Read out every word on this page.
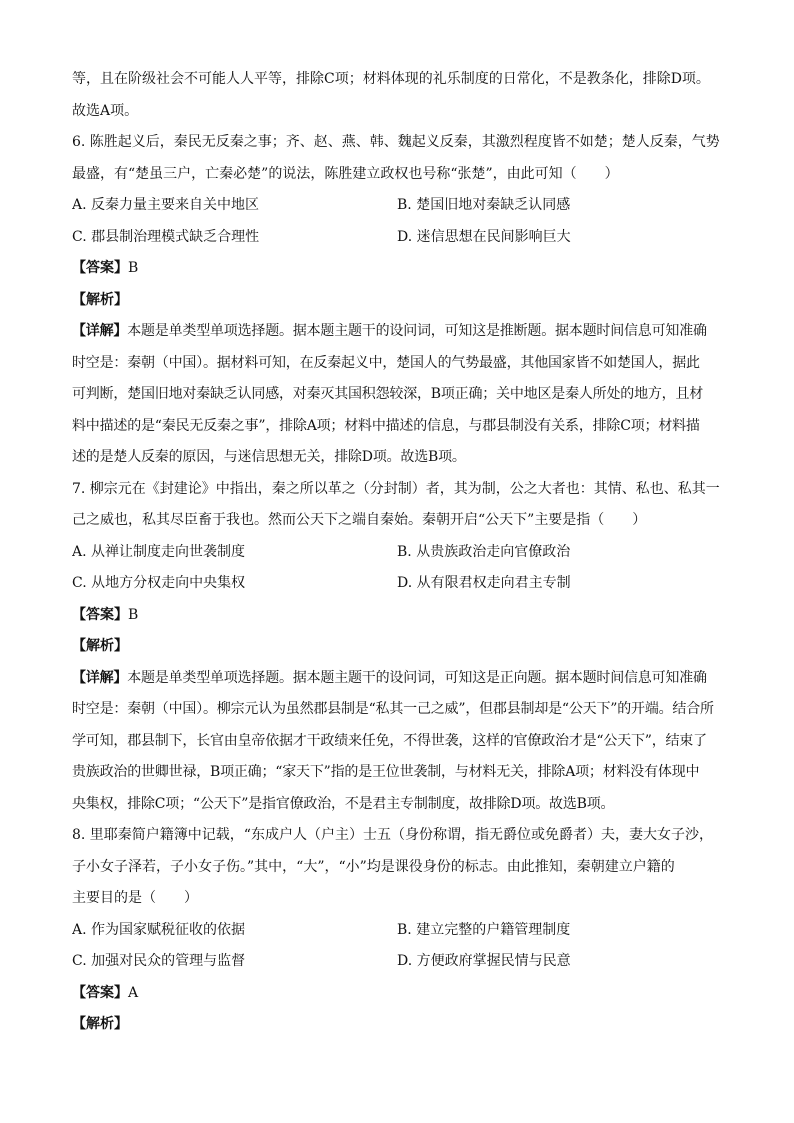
等，且在阶级社会不可能人人平等，排除C项；材料体现的礼乐制度的日常化，不是教条化，排除D项。
故选A项。
6. 陈胜起义后，秦民无反秦之事；齐、赵、燕、韩、魏起义反秦，其激烈程度皆不如楚；楚人反秦，气势
最盛，有“楚虽三户，亡秦必楚”的说法，陈胜建立政权也号称“张楚”，由此可知（　　）
A. 反秦力量主要来自关中地区	B. 楚国旧地对秦缺乏认同感
C. 郡县制治理模式缺乏合理性	D. 迷信思想在民间影响巨大
【答案】B
【解析】
【详解】本题是单类型单项选择题。据本题主题干的设问词，可知这是推断题。据本题时间信息可知准确
时空是：秦朝（中国）。据材料可知，在反秦起义中，楚国人的气势最盛，其他国家皆不如楚国人，据此
可判断，楚国旧地对秦缺乏认同感，对秦灭其国积怨较深，B项正确；关中地区是秦人所处的地方，且材
料中描述的是“秦民无反秦之事”，排除A项；材料中描述的信息，与郡县制没有关系，排除C项；材料描
述的是楚人反秦的原因，与迷信思想无关，排除D项。故选B项。
7. 柳宗元在《封建论》中指出，秦之所以革之（分封制）者，其为制，公之大者也：其情、私也、私其一
己之威也，私其尽臣畜于我也。然而公天下之端自秦始。秦朝开启“公天下”主要是指（　　）
A. 从禅让制度走向世袭制度	B. 从贵族政治走向官僚政治
C. 从地方分权走向中央集权	D. 从有限君权走向君主专制
【答案】B
【解析】
【详解】本题是单类型单项选择题。据本题主题干的设问词，可知这是正向题。据本题时间信息可知准确
时空是：秦朝（中国）。柳宗元认为虽然郡县制是“私其一己之威”，但郡县制却是“公天下”的开端。结合所
学可知，郡县制下，长官由皇帝依据才干政绩来任免，不得世袭，这样的官僚政治才是“公天下”，结束了
贵族政治的世卿世禄，B项正确；“家天下”指的是王位世袭制，与材料无关，排除A项；材料没有体现中
央集权，排除C项；“公天下”是指官僚政治，不是君主专制制度，故排除D项。故选B项。
8. 里耶秦简户籍簿中记载，“东成户人（户主）士五（身份称谓，指无爵位或免爵者）夫，妻大女子沙，
子小女子泽若，子小女子伤。”其中，“大”，“小”均是课役身份的标志。由此推知，秦朝建立户籍的
主要目的是（　　）
A. 作为国家赋税征收的依据	B. 建立完整的户籍管理制度
C. 加强对民众的管理与监督	D. 方便政府掌握民情与民意
【答案】A
【解析】
